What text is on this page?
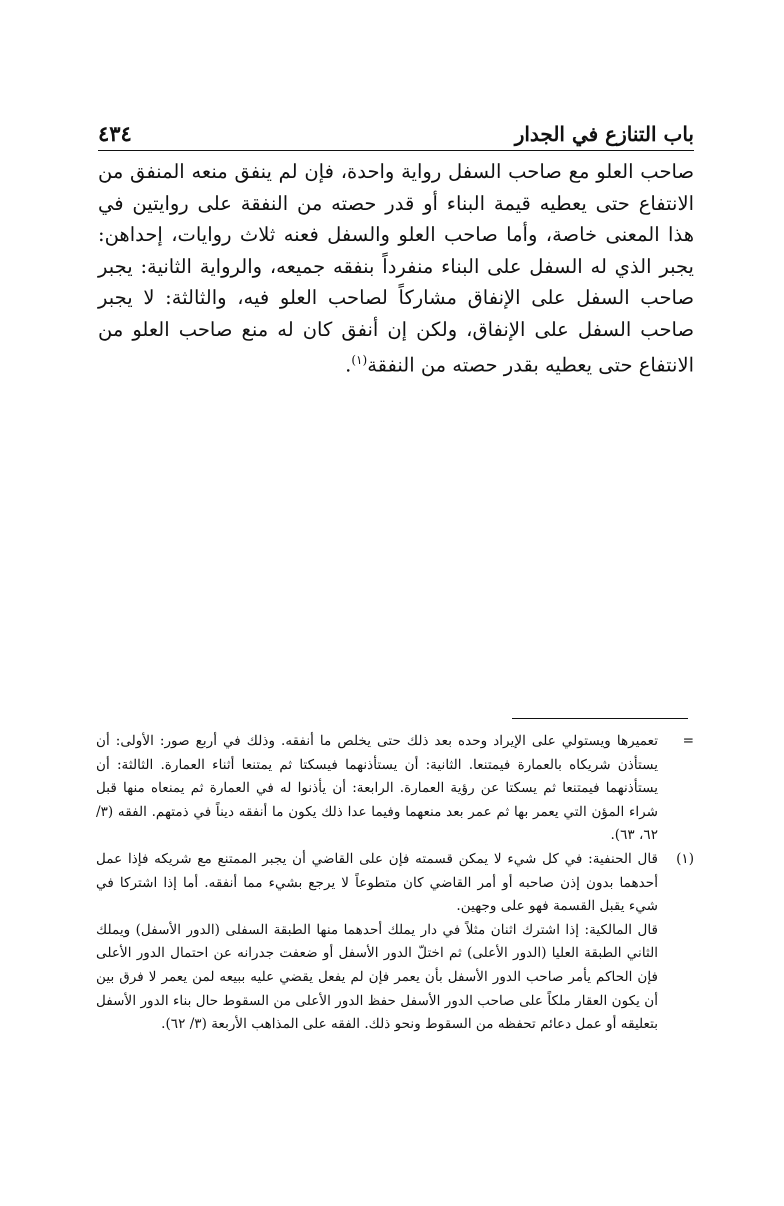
باب التنازع في الجدار
٤٣٤

صاحب العلو مع صاحب السفل رواية واحدة، فإن لم ينفق منعه المنفق من الانتفاع حتى يعطيه قيمة البناء أو قدر حصته من النفقة على روايتين في هذا المعنى خاصة، وأما صاحب العلو والسفل فعنه ثلاث روايات، إحداهن: يجبر الذي له السفل على البناء منفرداً بنفقه جميعه، والرواية الثانية: يجبر صاحب السفل على الإنفاق مشاركاً لصاحب العلو فيه، والثالثة: لا يجبر صاحب السفل على الإنفاق، ولكن إن أنفق كان له منع صاحب العلو من الانتفاع حتى يعطيه بقدر حصته من النفقة$^{(١)}$.

=

تعميرها ويستولي على الإيراد وحده بعد ذلك حتى يخلص ما أنفقه. وذلك في أربع صور: الأولى: أن يستأذن شريكاه بالعمارة فيمتنعا. الثانية: أن يستأذنهما فيسكتا ثم يمتنعا أثناء العمارة. الثالثة: أن يستأذنهما فيمتنعا ثم يسكتا عن رؤية العمارة. الرابعة: أن يأذنوا له في العمارة ثم يمنعاه منها قبل شراء المؤن التي يعمر بها ثم عمر بعد منعهما وفيما عدا ذلك يكون ما أنفقه ديناً في ذمتهم. الفقه (٣/ ٦٢، ٦٣).

(١)

قال الحنفية: في كل شيء لا يمكن قسمته فإن على القاضي أن يجبر الممتنع مع شريكه فإذا عمل أحدهما بدون إذن صاحبه أو أمر القاضي كان متطوعاً لا يرجع بشيء مما أنفقه. أما إذا اشتركا في شيء يقبل القسمة فهو على وجهين.

قال المالكية: إذا اشترك اثنان مثلاً في دار يملك أحدهما منها الطبقة السفلى (الدور الأسفل) ويملك الثاني الطبقة العليا (الدور الأعلى) ثم اختلّ الدور الأسفل أو ضعفت جدرانه عن احتمال الدور الأعلى فإن الحاكم يأمر صاحب الدور الأسفل بأن يعمر فإن لم يفعل يقضي عليه ببيعه لمن يعمر لا فرق بين أن يكون العقار ملكاً على صاحب الدور الأسفل حفظ الدور الأعلى من السقوط حال بناء الدور الأسفل بتعليقه أو عمل دعائم تحفظه من السقوط ونحو ذلك. الفقه على المذاهب الأربعة (٣/ ٦٢).
